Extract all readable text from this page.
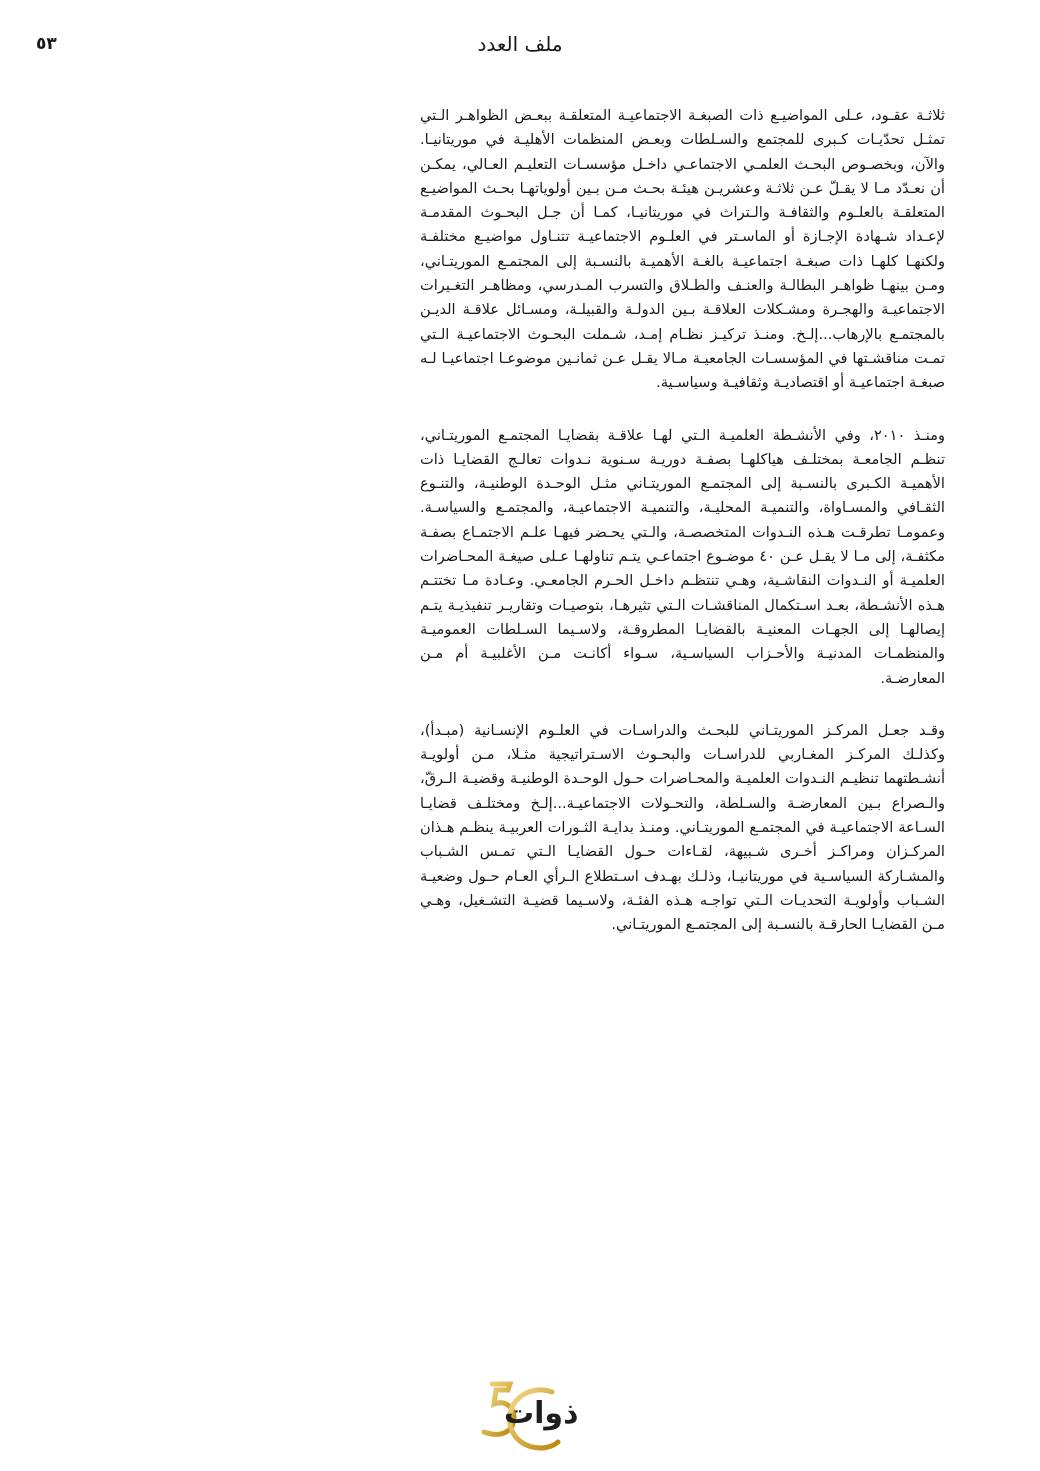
٥٣	ملف العدد

ثلاثـة عقـود، عـلى المواضيـع ذات الصبغـة الاجتماعيـة المتعلقـة ببعـض الظواهـر الـتي تمثـل تحدّيـات كـبرى للمجتمع والسـلطات وبعـض المنظمات الأهليـة في موريتانيـا. والآن، وبخصـوص البحـث العلمـي الاجتماعـي داخـل مؤسسـات التعليـم العـالي، يمكـن أن نعـدّد مـا لا يقـلّ عـن ثلاثـة وعشريـن هيئـة بحـث مـن بـين أولوياتهـا بحـث المواضيـع المتعلقـة بالعلـوم والثقافـة والـتراث في موريتانيـا، كمـا أن جـل البحـوث المقدمـة لإعـداد شـهادة الإجـازة أو الماسـتر في العلـوم الاجتماعيـة تتنـاول مواضيـع مختلفـة ولكنهـا كلهـا ذات صبغـة اجتماعيـة بالغـة الأهميـة بالنسـبة إلى المجتمـع الموريتـاني، ومـن بينهـا ظواهـر البطالـة والعنـف والطـلاق والتسرب المـدرسي، ومظاهـر التغـيرات الاجتماعيـة والهجـرة ومشـكلات العلاقـة بـين الدولـة والقبيلـة، ومسـائل علاقـة الديـن بالمجتمـع بالإرهاب...إلـخ. ومنـذ تركيـز نظـام إمـد، شـملت البحـوث الاجتماعيـة الـتي تمـت مناقشـتها في المؤسسـات الجامعيـة مـالا يقـل عـن ثمانـين موضوعـا اجتماعيـا لـه صبغـة اجتماعيـة أو اقتصاديـة وثقافيـة وسياسـية.

ومنـذ ٢٠١٠، وفي الأنشـطة العلميـة الـتي لهـا علاقـة بقضايـا المجتمـع الموريتـاني، تنظـم الجامعـة بمختلـف هياكلهـا بصفـة دوريـة سـنوية نـدوات تعالـج القضايـا ذات الأهميـة الكـبرى بالنسـبة إلى المجتمـع الموريتـاني مثـل الوحـدة الوطنيـة، والتنـوع الثقـافي والمسـاواة، والتنميـة المحليـة، والتنميـة الاجتماعيـة، والمجتمـع والسياسـة. وعمومـا تطرقـت هـذه النـدوات المتخصصـة، والـتي يحـضر فيهـا علـم الاجتمـاع بصفـة مكثفـة، إلى مـا لا يقـل عـن ٤٠ موضـوع اجتماعـي يتـم تناولهـا عـلى صيغـة المحـاضرات العلميـة أو النـدوات النقاشـية، وهـي تنتظـم داخـل الحـرم الجامعـي. وعـادة مـا تختتـم هـذه الأنشـطة، بعـد اسـتكمال المناقشـات الـتي تثيرهـا، بتوصيـات وتقاريـر تنفيذيـة يتـم إيصالهـا إلى الجهـات المعنيـة بالقضايـا المطروقـة، ولاسـيما السـلطات العموميـة والمنظمـات المدنيـة والأحـزاب السياسـية، سـواء أكانـت مـن الأغلبيـة أم مـن المعارضـة.

وقـد جعـل المركـز الموريتـاني للبحـث والدراسـات في العلـوم الإنسـانية (مبـدأ)، وكذلـك المركـز المغـاربي للدراسـات والبحـوث الاسـتراتيجية مثـلا، مـن أولويـة أنشـطتهما تنظيـم النـدوات العلميـة والمحـاضرات حـول الوحـدة الوطنيـة وقضيـة الـرقّ، والـصراع بـين المعارضـة والسـلطة، والتحـولات الاجتماعيـة...إلـخ ومختلـف قضايـا السـاعة الاجتماعيـة في المجتمـع الموريتـاني. ومنـذ بدايـة الثـورات العربيـة ينظـم هـذان المركـزان ومراكـز أخـرى شـبيهة، لقـاءات حـول القضايـا الـتي تمـس الشـباب والمشـاركة السياسـية في موريتانيـا، وذلـك بهـدف اسـتطلاع الـرأي العـام حـول وضعيـة الشـباب وأولويـة التحديـات الـتي تواجـه هـذه الفئـة، ولاسـيما قضيـة التشـغيل، وهـي مـن القضايـا الحارقـة بالنسـبة إلى المجتمـع الموريتـاني.

ذوات
